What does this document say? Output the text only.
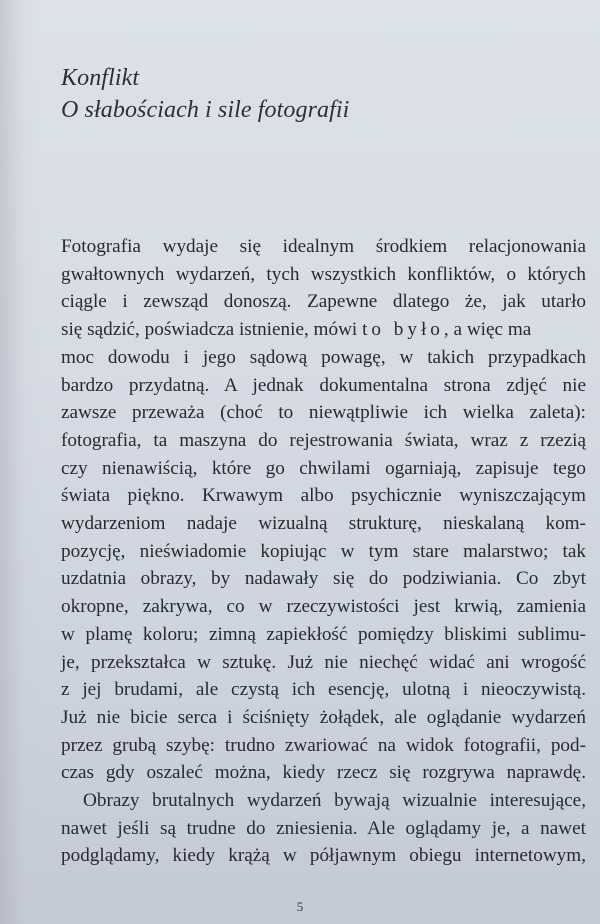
Konflikt
O słabościach i sile fotografii
Fotografia wydaje się idealnym środkiem relacjonowania
gwałtownych wydarzeń, tych wszystkich konfliktów, o których
ciągle i zewsząd donoszą. Zapewne dlatego że, jak utarło
się sądzić, poświadcza istnienie, mówi to było, a więc ma
moc dowodu i jego sądową powagę, w takich przypadkach
bardzo przydatną. A jednak dokumentalna strona zdjęć nie
zawsze przeważa (choć to niewątpliwie ich wielka zaleta):
fotografia, ta maszyna do rejestrowania świata, wraz z rzezią
czy nienawiścią, które go chwilami ogarniają, zapisuje tego
świata piękno. Krwawym albo psychicznie wyniszczającym
wydarzeniom nadaje wizualną strukturę, nieskalaną kom-
pozycję, nieświadomie kopiując w tym stare malarstwo; tak
uzdatnia obrazy, by nadawały się do podziwiania. Co zbyt
okropne, zakrywa, co w rzeczywistości jest krwią, zamienia
w plamę koloru; zimną zapiekłość pomiędzy bliskimi sublimu-
je, przekształca w sztukę. Już nie niechęć widać ani wrogość
z jej brudami, ale czystą ich esencję, ulotną i nieoczywistą.
Już nie bicie serca i ściśnięty żołądek, ale oglądanie wydarzeń
przez grubą szybę: trudno zwariować na widok fotografii, pod-
czas gdy oszaleć można, kiedy rzecz się rozgrywa naprawdę.
Obrazy brutalnych wydarzeń bywają wizualnie interesujące,
nawet jeśli są trudne do zniesienia. Ale oglądamy je, a nawet
podglądamy, kiedy krążą w półjawnym obiegu internetowym,
5
